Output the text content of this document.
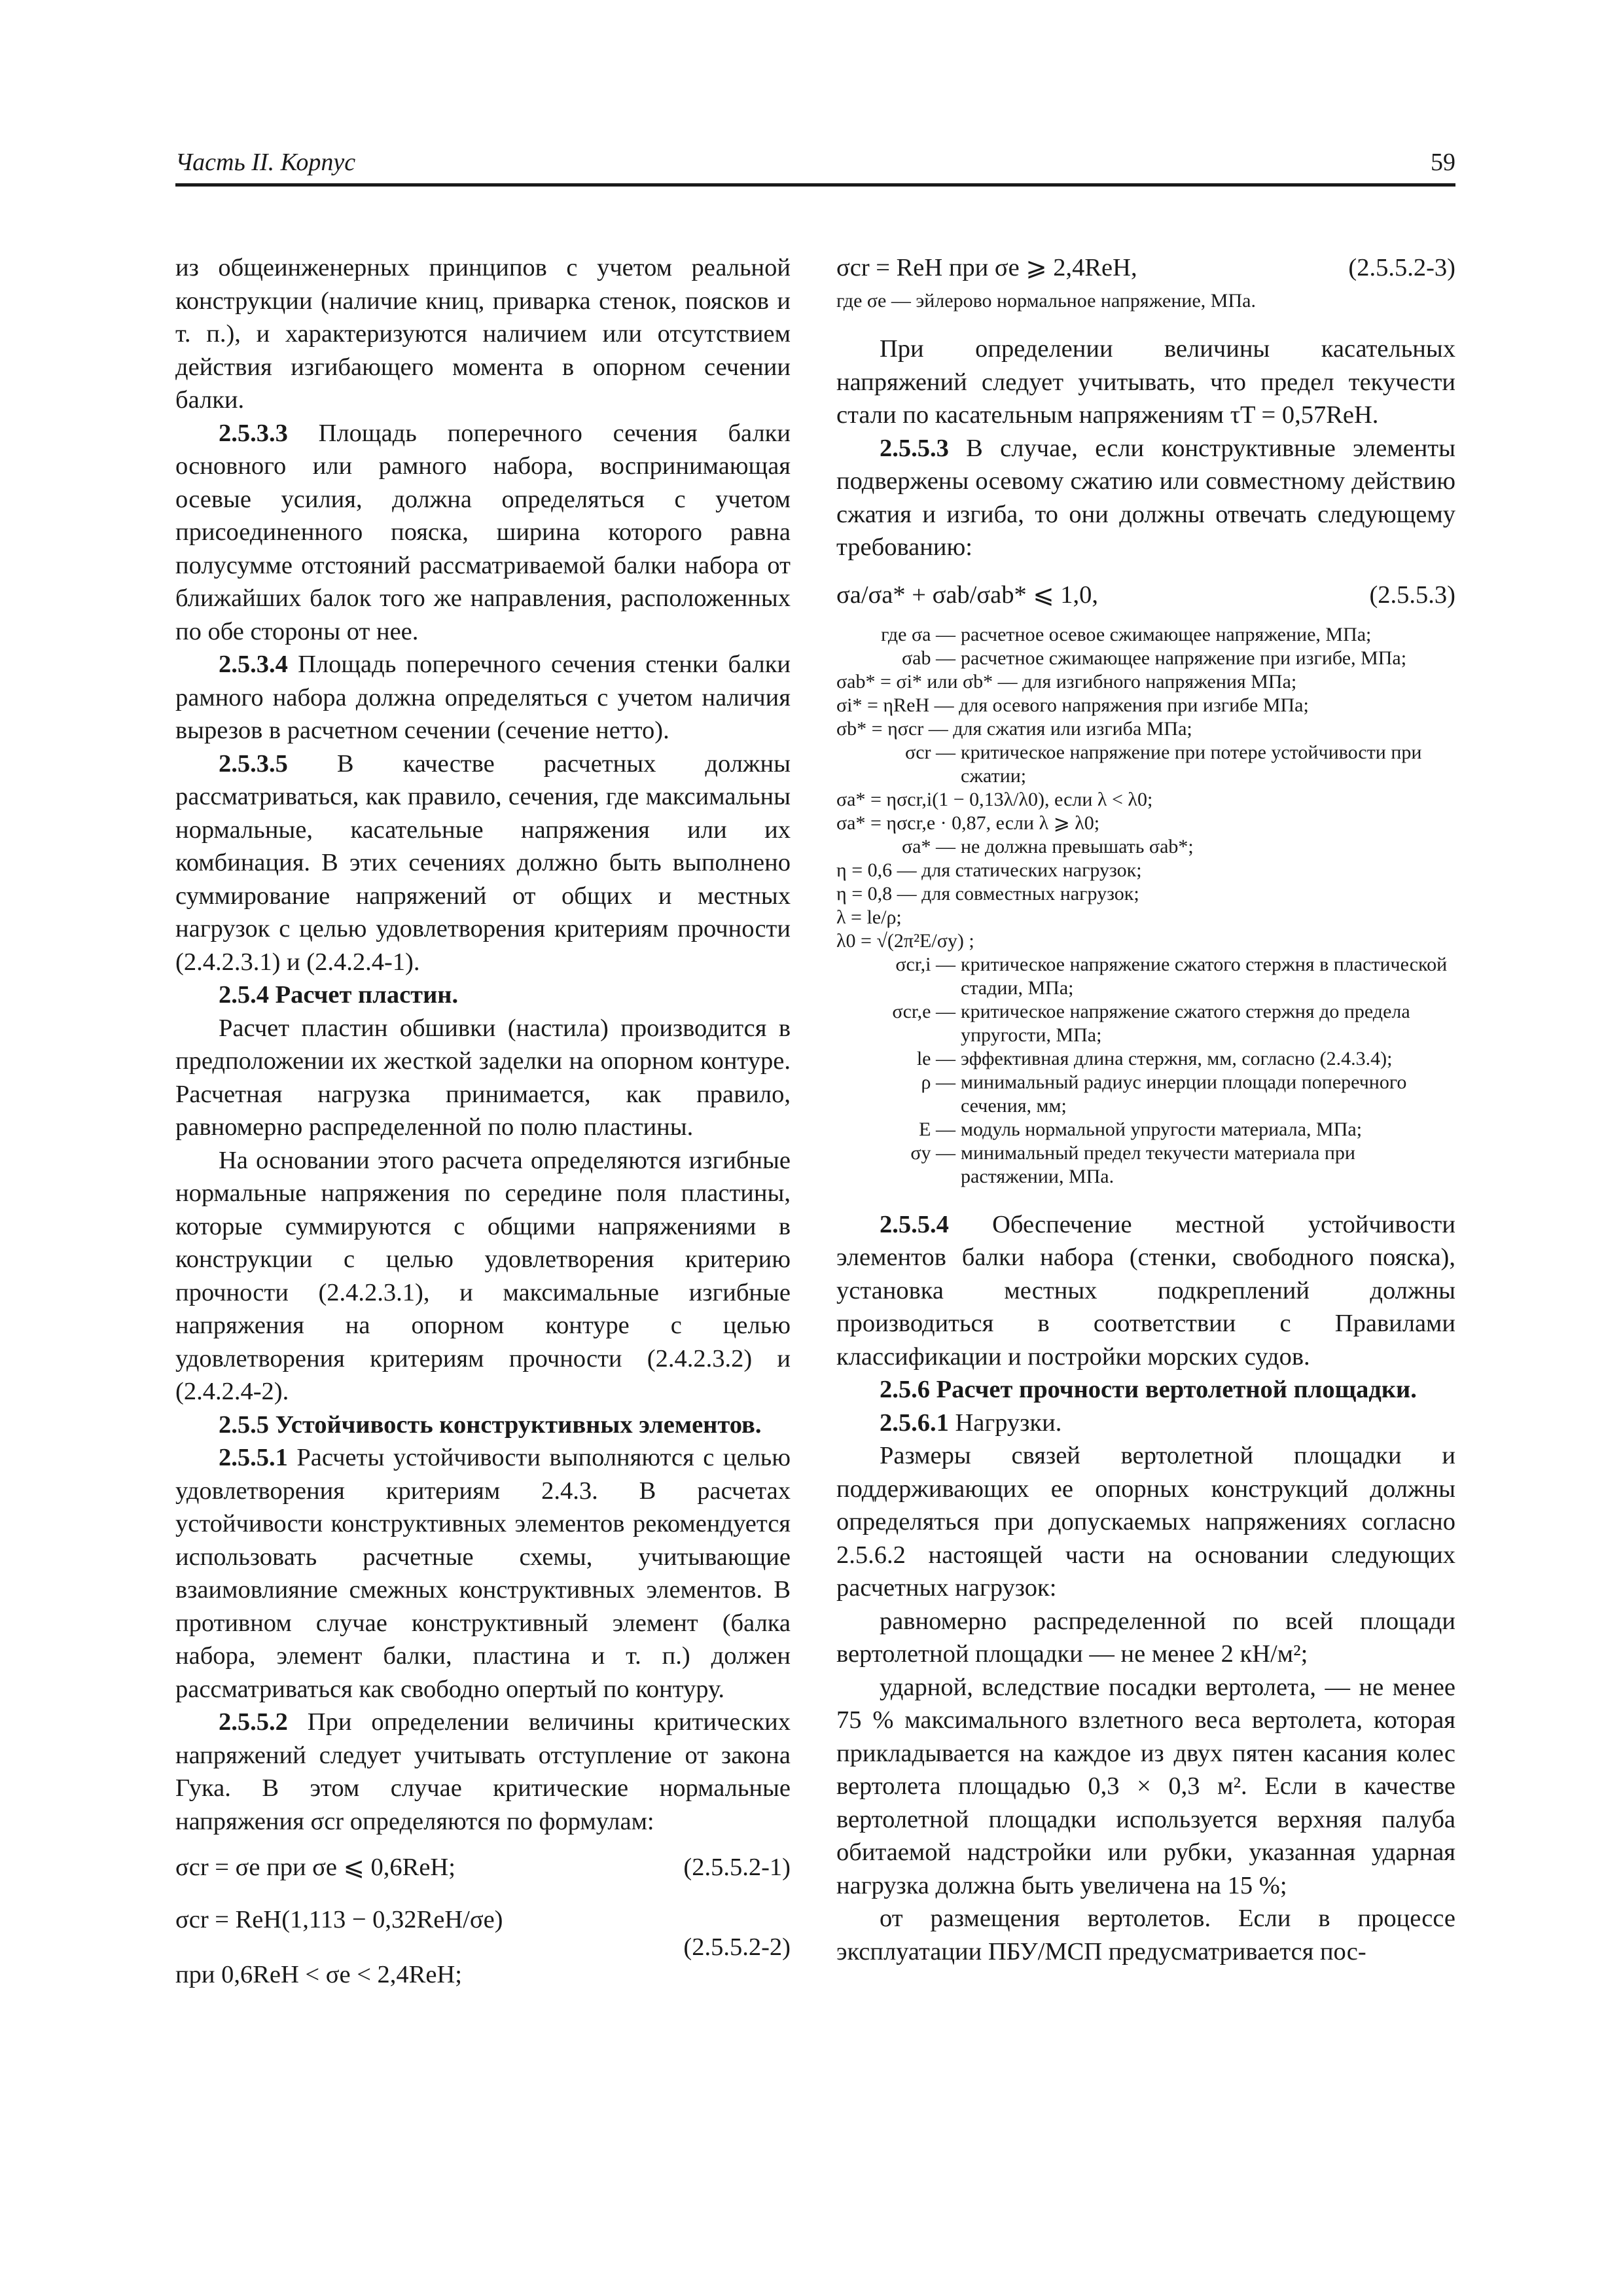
Часть II. Корпус	59

из общеинженерных принципов с учетом реальной конструкции (наличие книц, приварка стенок, поясков и т. п.), и характеризуются наличием или отсутствием действия изгибающего момента в опорном сечении балки.

2.5.3.3 Площадь поперечного сечения балки основного или рамного набора, воспринимающая осевые усилия, должна определяться с учетом присоединенного пояска, ширина которого равна полусумме отстояний рассматриваемой балки набора от ближайших балок того же направления, расположенных по обе стороны от нее.

2.5.3.4 Площадь поперечного сечения стенки балки рамного набора должна определяться с учетом наличия вырезов в расчетном сечении (сечение нетто).

2.5.3.5 В качестве расчетных должны рассматриваться, как правило, сечения, где максимальны нормальные, касательные напряжения или их комбинация. В этих сечениях должно быть выполнено суммирование напряжений от общих и местных нагрузок с целью удовлетворения критериям прочности (2.4.2.3.1) и (2.4.2.4-1).

2.5.4 Расчет пластин.

Расчет пластин обшивки (настила) производится в предположении их жесткой заделки на опорном контуре. Расчетная нагрузка принимается, как правило, равномерно распределенной по полю пластины.

На основании этого расчета определяются изгибные нормальные напряжения по середине поля пластины, которые суммируются с общими напряжениями в конструкции с целью удовлетворения критерию прочности (2.4.2.3.1), и максимальные изгибные напряжения на опорном контуре с целью удовлетворения критериям прочности (2.4.2.3.2) и (2.4.2.4-2).

2.5.5 Устойчивость конструктивных элементов.

2.5.5.1 Расчеты устойчивости выполняются с целью удовлетворения критериям 2.4.3. В расчетах устойчивости конструктивных элементов рекомендуется использовать расчетные схемы, учитывающие взаимовлияние смежных конструктивных элементов. В противном случае конструктивный элемент (балка набора, элемент балки, пластина и т. п.) должен рассматриваться как свободно опертый по контуру.

2.5.5.2 При определении величины критических напряжений следует учитывать отступление от закона Гука. В этом случае критические нормальные напряжения σcr определяются по формулам:

σcr = σe при σe ⩽ 0,6ReH;	(2.5.5.2-1)
σcr = ReH(1,113 − 0,32ReH/σe)
(2.5.5.2-2)
при 0,6ReH < σe < 2,4ReH;
σcr = ReH при σe ⩾ 2,4ReH,	(2.5.5.2-3)

где σe — эйлерово нормальное напряжение, МПа.

При определении величины касательных напряжений следует учитывать, что предел текучести стали по касательным напряжениям τT = 0,57ReH.

2.5.5.3 В случае, если конструктивные элементы подвержены осевому сжатию или совместному действию сжатия и изгиба, то они должны отвечать следующему требованию:

σa/σa* + σab/σab* ⩽ 1,0,	(2.5.5.3)
где σa — расчетное осевое сжимающее напряжение, МПа;
σab — расчетное сжимающее напряжение при изгибе, МПа;
σab* = σi* или σb* — для изгибного напряжения МПа;
σi* = ηReH — для осевого напряжения при изгибе МПа;
σb* = ησcr — для сжатия или изгиба МПа;
σcr — критическое напряжение при потере устойчивости при сжатии;
σa* = ησcr,i(1 − 0,13λ/λ0), если λ < λ0;
σa* = ησcr,e · 0,87, если λ ⩾ λ0;
σa* — не должна превышать σab*;
η = 0,6 — для статических нагрузок;
η = 0,8 — для совместных нагрузок;
λ = le/ρ;
λ0 = √(2π²E/σy) ;
σcr,i — критическое напряжение сжатого стержня в пластической стадии, МПа;
σcr,e — критическое напряжение сжатого стержня до предела упругости, МПа;
le — эффективная длина стержня, мм, согласно (2.4.3.4);
ρ — минимальный радиус инерции площади поперечного сечения, мм;
E — модуль нормальной упругости материала, МПа;
σy — минимальный предел текучести материала при растяжении, МПа.

2.5.5.4 Обеспечение местной устойчивости элементов балки набора (стенки, свободного пояска), установка местных подкреплений должны производиться в соответствии с Правилами классификации и постройки морских судов.

2.5.6 Расчет прочности вертолетной площадки.

2.5.6.1 Нагрузки.

Размеры связей вертолетной площадки и поддерживающих ее опорных конструкций должны определяться при допускаемых напряжениях согласно 2.5.6.2 настоящей части на основании следующих расчетных нагрузок:

равномерно распределенной по всей площади вертолетной площадки — не менее 2 кН/м²;

ударной, вследствие посадки вертолета, — не менее 75 % максимального взлетного веса вертолета, которая прикладывается на каждое из двух пятен касания колес вертолета площадью 0,3 × 0,3 м². Если в качестве вертолетной площадки используется верхняя палуба обитаемой надстройки или рубки, указанная ударная нагрузка должна быть увеличена на 15 %;

от размещения вертолетов. Если в процессе эксплуатации ПБУ/МСП предусматривается пос-
